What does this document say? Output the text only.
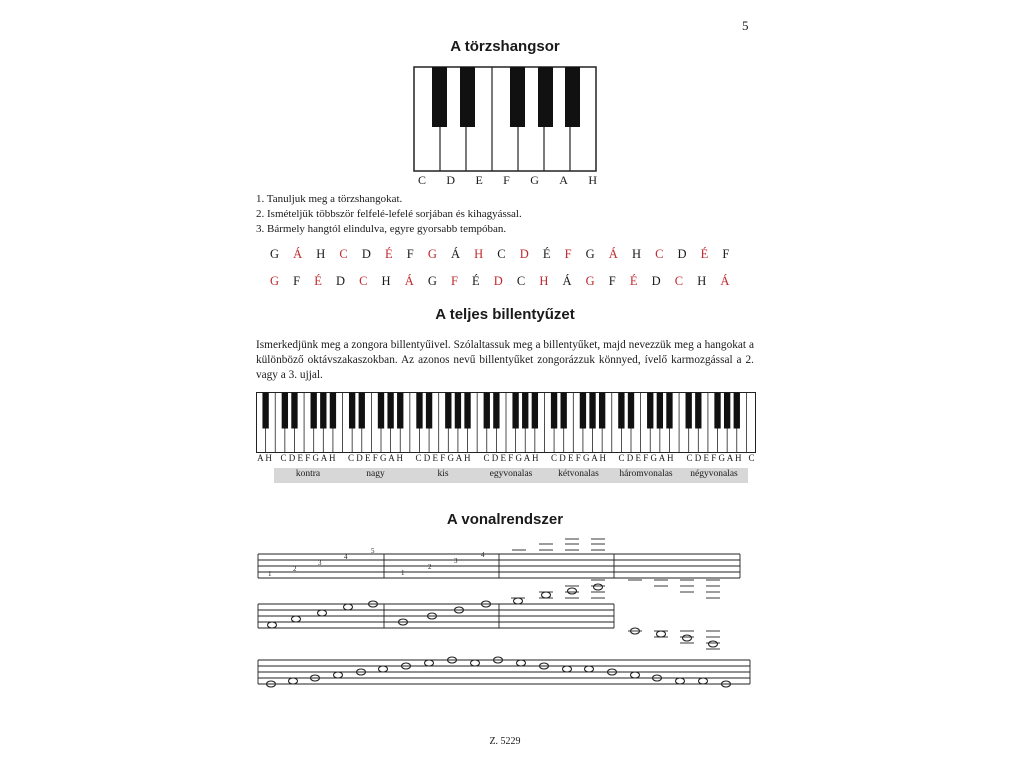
5
A törzshangsor
C D E F G A H
1. Tanuljuk meg a törzshangokat.
2. Ismételjük többször felfelé-lefelé sorjában és kihagyással.
3. Bármely hangtól elindulva, egyre gyorsabb tempóban.
G Á H C D É F G Á H C D É F G Á H C D É F
G F É D C H Á G F É D C H Á G F É D C H Á
A teljes billentyűzet
Ismerkedjünk meg a zongora billentyűivel. Szólaltassuk meg a billentyűket, majd nevezzük meg a hangokat a különböző oktávszakaszokban. Az azonos nevű billentyűket zongorázzuk könnyed, ívelő karmozgással a 2. vagy a 3. ujjal.
A H C D E F G A H	C D E F G A H	C D E F G A H	C D E F G A H	C D E F G A H	C D E F G A H	C D E F G A H C
kontra	nagy	kis	egyvonalas	kétvonalas	háromvonalas	négyvonalas
A vonalrendszer
1
2
3
4
5
1
2
3
4
Z. 5229
